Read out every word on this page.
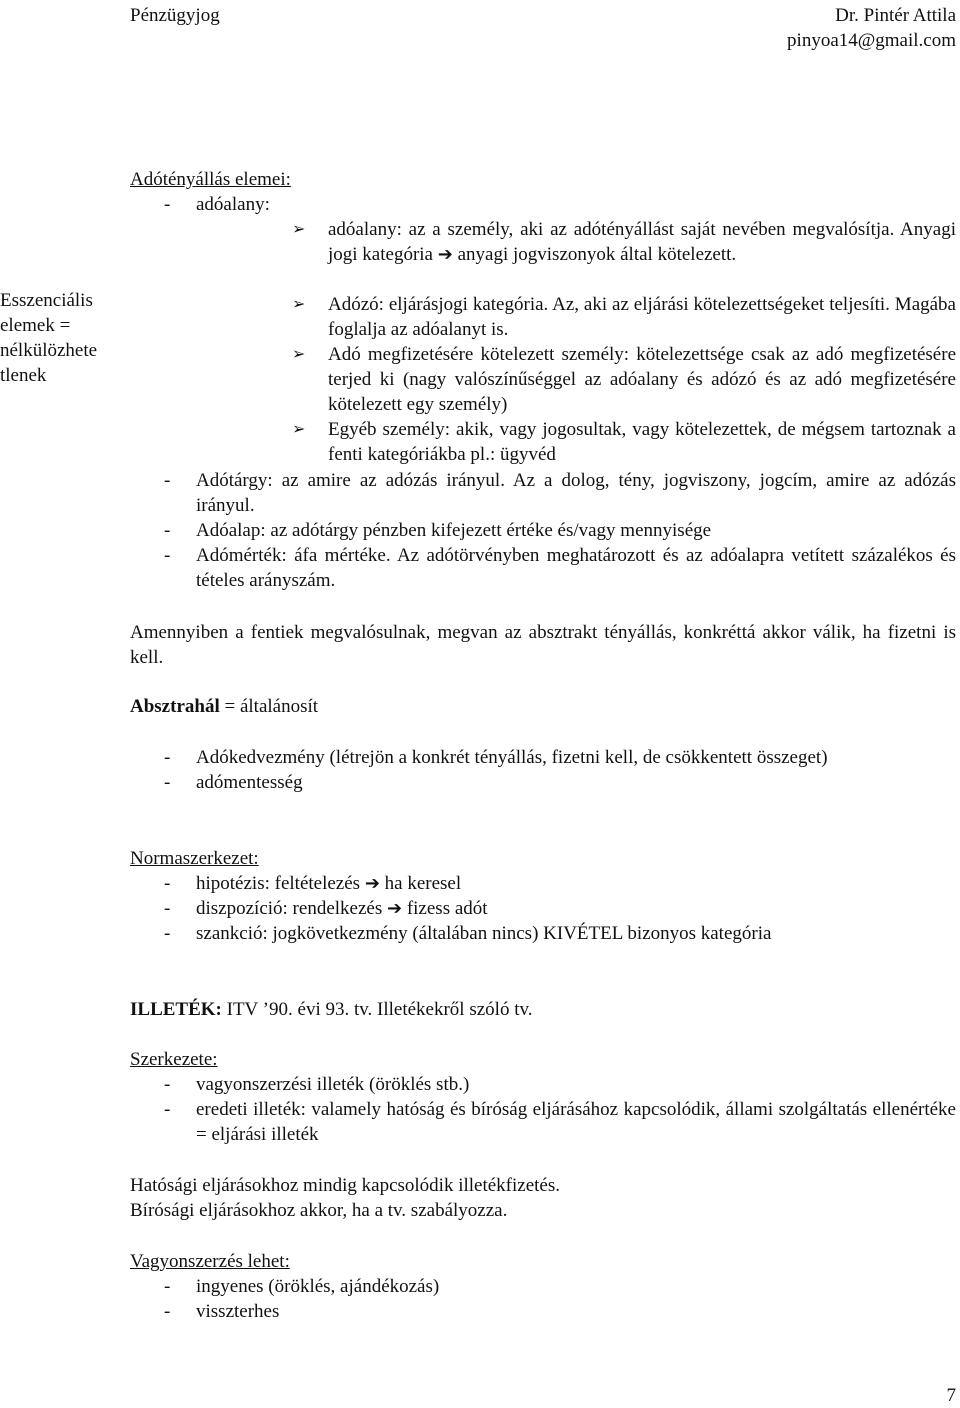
Pénzügyjog	Dr. Pintér Attila
pinyoa14@gmail.com
Esszenciális
elemek =
nélkülözhete
tlenek
Adótényállás elemei:
- adóalany:
➢ adóalany: az a személy, aki az adótényállást saját nevében megvalósítja. Anyagi jogi kategória ➔ anyagi jogviszonyok által kötelezett.
➢ Adózó: eljárásjogi kategória. Az, aki az eljárási kötelezettségeket teljesíti. Magába foglalja az adóalanyt is.
➢ Adó megfizetésére kötelezett személy: kötelezettsége csak az adó megfizetésére terjed ki (nagy valószínűséggel az adóalany és adózó és az adó megfizetésére kötelezett egy személy)
➢ Egyéb személy: akik, vagy jogosultak, vagy kötelezettek, de mégsem tartoznak a fenti kategóriákba pl.: ügyvéd
- Adótárgy: az amire az adózás irányul. Az a dolog, tény, jogviszony, jogcím, amire az adózás irányul.
- Adóalap: az adótárgy pénzben kifejezett értéke és/vagy mennyisége
- Adómérték: áfa mértéke. Az adótörvényben meghatározott és az adóalapra vetített százalékos és tételes arányszám.
Amennyiben a fentiek megvalósulnak, megvan az absztrakt tényállás, konkréttá akkor válik, ha fizetni is kell.
Absztrahál = általánosít
- Adókedvezmény (létrejön a konkrét tényállás, fizetni kell, de csökkentett összeget)
- adómentesség
Normaszerkezet:
- hipotézis: feltételezés ➔ ha keresel
- diszpozíció: rendelkezés ➔ fizess adót
- szankció: jogkövetkezmény (általában nincs) KIVÉTEL bizonyos kategória
ILLETÉK: ITV ’90. évi 93. tv. Illetékekről szóló tv.
Szerkezete:
- vagyonszerzési illeték (öröklés stb.)
- eredeti illeték: valamely hatóság és bíróság eljárásához kapcsolódik, állami szolgáltatás ellenértéke = eljárási illeték
Hatósági eljárásokhoz mindig kapcsolódik illetékfizetés.
Bírósági eljárásokhoz akkor, ha a tv. szabályozza.
Vagyonszerzés lehet:
- ingyenes (öröklés, ajándékozás)
- visszterhes
7
